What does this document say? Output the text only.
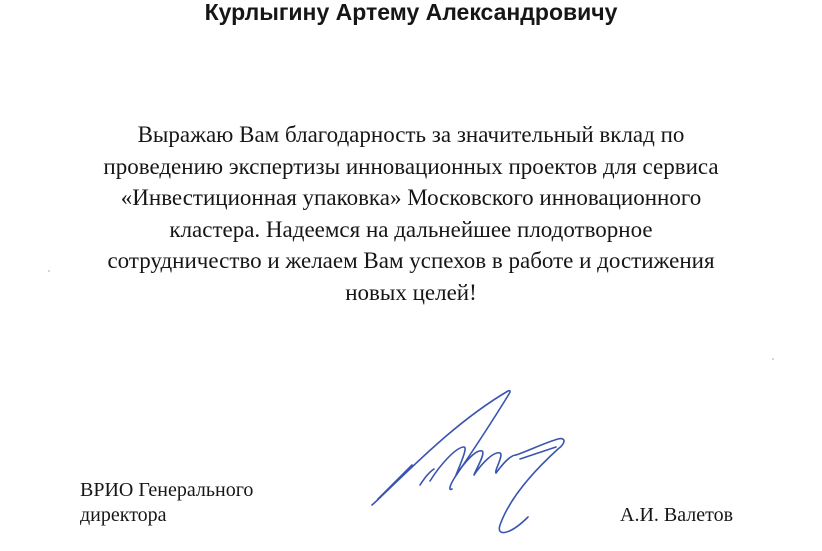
Курлыгину Артему Александровичу

Выражаю Вам благодарность за значительный вклад по
проведению экспертизы инновационных проектов для сервиса
«Инвестиционная упаковка» Московского инновационного
кластера. Надеемся на дальнейшее плодотворное
сотрудничество и желаем Вам успехов в работе и достижения
новых целей!

ВРИО Генерального
директора	А.И. Валетов
